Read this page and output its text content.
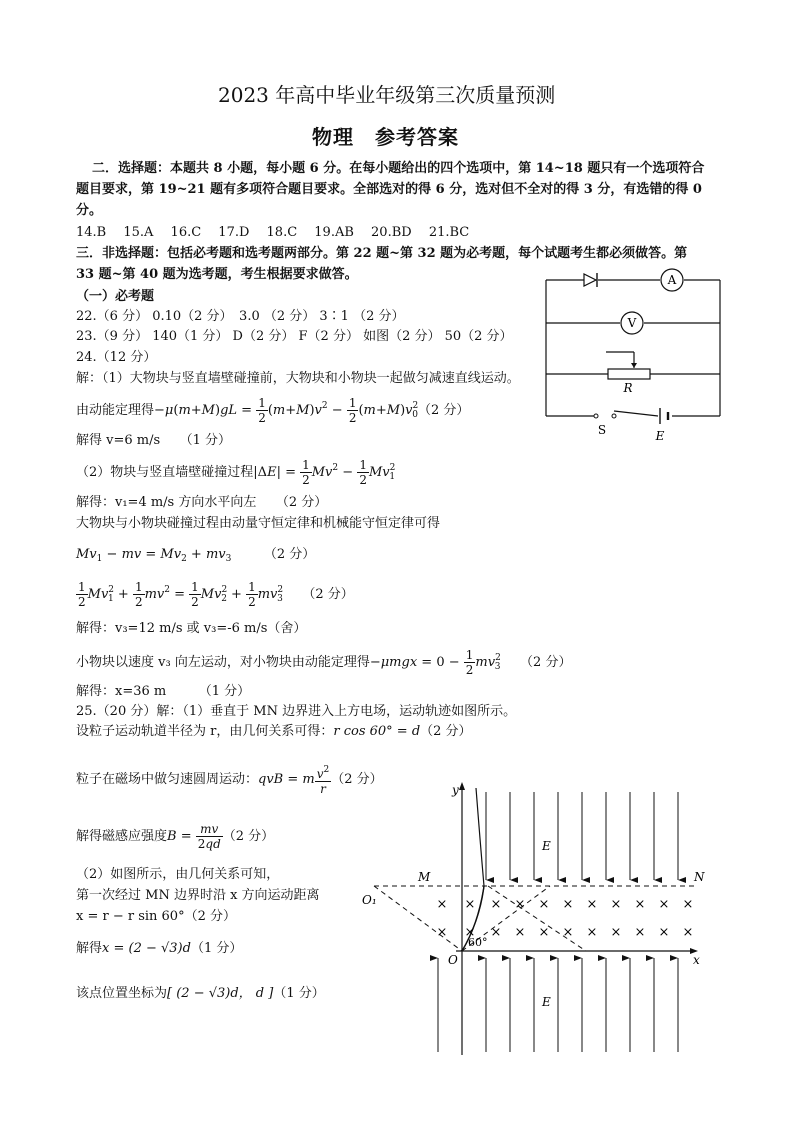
2023 年高中毕业年级第三次质量预测
物理　参考答案
二．选择题：本题共 8 小题，每小题 6 分。在每小题给出的四个选项中，第 14~18 题只有一个选项符合
题目要求，第 19~21 题有多项符合题目要求。全部选对的得 6 分，选对但不全对的得 3 分，有选错的得 0
分。
14.B　 15.A　 16.C　 17.D　 18.C　 19.AB　 20.BD　 21.BC
三．非选择题：包括必考题和选考题两部分。第 22 题~第 32 题为必考题，每个试题考生都必须做答。第
33 题~第 40 题为选考题，考生根据要求做答。
（一）必考题
22.（6 分） 0.10（2 分）　3.0 （2 分） 3∶1 （2 分）
23.（9 分） 140（1 分） D（2 分） F（2 分） 如图（2 分） 50（2 分）
24.（12 分）
解：（1）大物块与竖直墙壁碰撞前，大物块和小物块一起做匀减速直线运动。
由动能定理得$-\mu(m+M)gL = \frac{1}{2} (m+M)v^2 - \frac{1}{2} (m+M)v^2_0(2$ 分）
解得 v=6 m/s　　（1 分）
（2）物块与竖直墙壁碰撞过程$|\Delta E| = \frac{1}{2} Mv^2 - \frac{1}{2} Mv^2_1$
解得：v₁=4 m/s 方向水平向左　　（2 分）
大物块与小物块碰撞过程由动量守恒定律和机械能守恒定律可得
$Mv_1$ − mv = $Mv_2 + mv_3$　　　	（2 分）
$\frac{1}{2} Mv^2_1 + \frac{1}{2} mv^2 = \frac{1}{2} Mv^2_2 + \frac{1}{2} mv^2_3$　　 （2 分）
解得：v₃=12 m/s 或 v₃=-6 m/s（舍）
小物块以速度 v₃ 向左运动，对小物块由动能定理得$-\mu mgx = 0 - \frac{1}{2} mv^2_3$　　 （2 分）
解得：x=36 m　　　（1 分）
25.（20 分）解：（1）垂直于 MN 边界进入上方电场，运动轨迹如图所示。
设粒子运动轨道半径为 r，由几何关系可得：r cos 60° = d（2 分）
粒子在磁场中做匀速圆周运动：qvB = m $\frac{v^2}{r} (2$ 分）
解得磁感应强度$B = \frac{mv}{2qd} (2$ 分）
（2）如图所示，由几何关系可知，
第一次经过 MN 边界时沿 x 方向运动距离
x = r − r sin 60°（2 分）
解得x = (2 − √3)d（1 分）
该点位置坐标为[ (2 − √3)d， d ]（1 分）
A
V
R
S	E
y
x
O
M	N
O₁
60°
E
E
× × × × × × × × × × ×
× × × × × × × × × × ×
